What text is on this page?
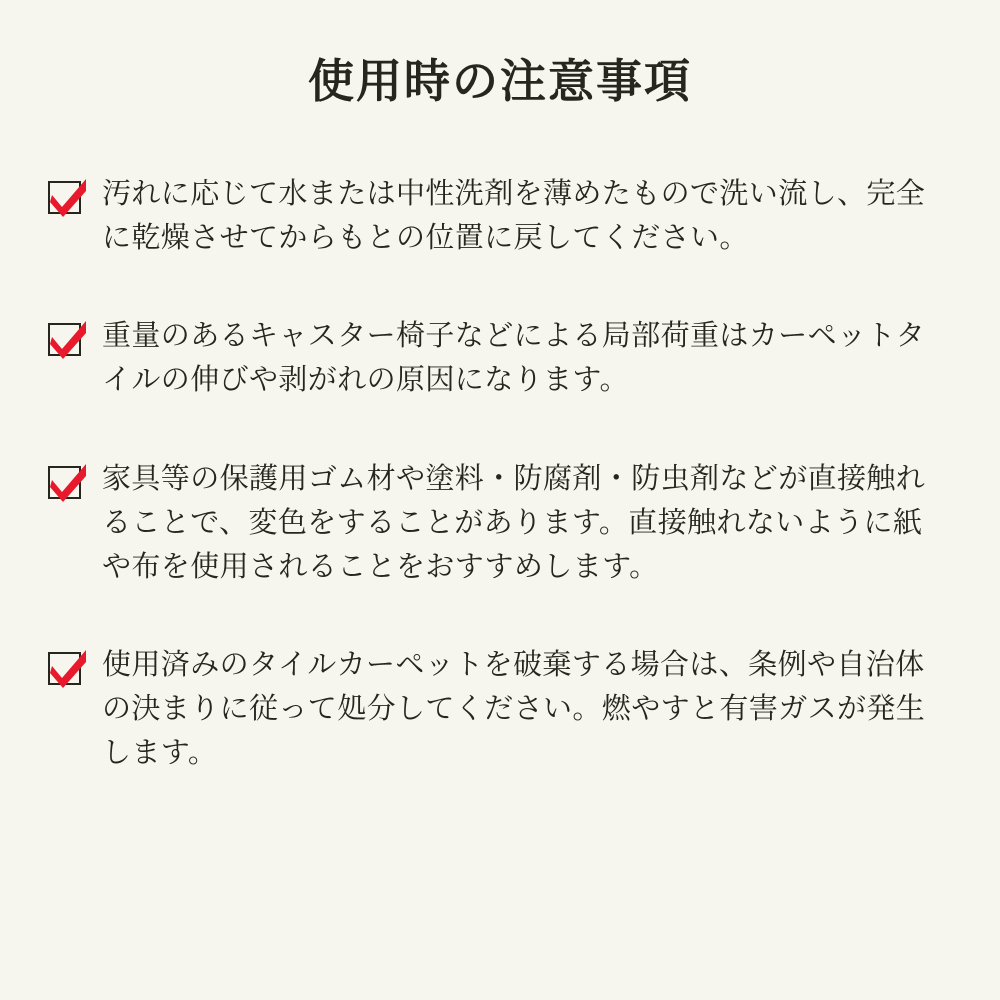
使用時の注意事項
汚れに応じて水または中性洗剤を薄めたもので洗い流し、完全に乾燥させてからもとの位置に戻してください。
重量のあるキャスター椅子などによる局部荷重はカーペットタイルの伸びや剥がれの原因になります。
家具等の保護用ゴム材や塗料・防腐剤・防虫剤などが直接触れることで、変色をすることがあります。直接触れないように紙や布を使用されることをおすすめします。
使用済みのタイルカーペットを破棄する場合は、条例や自治体の決まりに従って処分してください。燃やすと有害ガスが発生します。
